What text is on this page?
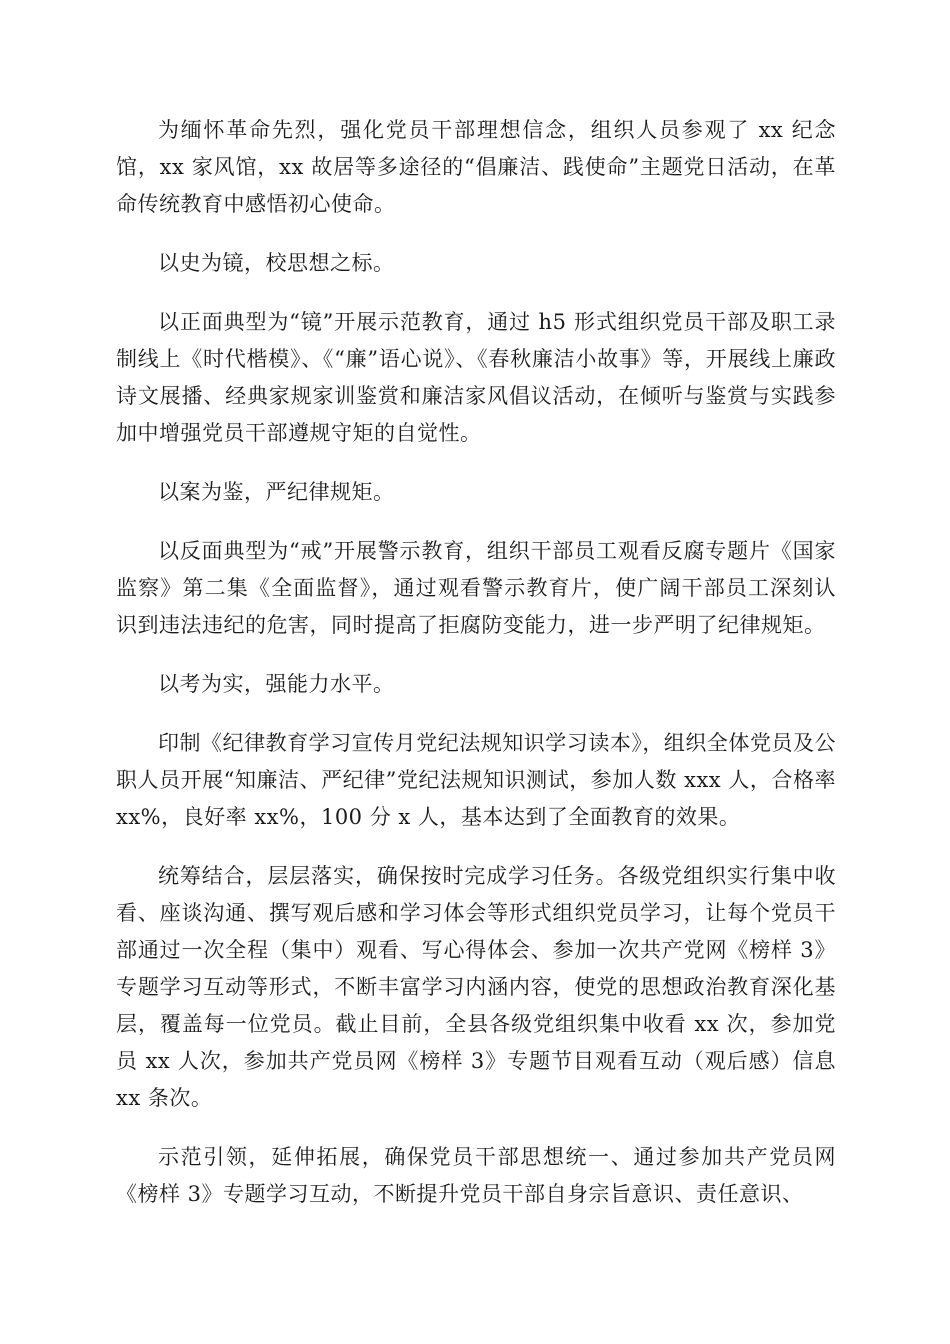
为缅怀革命先烈，强化党员干部理想信念，组织人员参观了 xx 纪念馆，xx 家风馆，xx 故居等多途径的“倡廉洁、践使命”主题党日活动，在革命传统教育中感悟初心使命。

以史为镜，校思想之标。

以正面典型为“镜”开展示范教育，通过 h5 形式组织党员干部及职工录制线上《时代楷模》、《“廉”语心说》、《春秋廉洁小故事》等，开展线上廉政诗文展播、经典家规家训鉴赏和廉洁家风倡议活动，在倾听与鉴赏与实践参加中增强党员干部遵规守矩的自觉性。

以案为鉴，严纪律规矩。

以反面典型为“戒”开展警示教育，组织干部员工观看反腐专题片《国家监察》第二集《全面监督》，通过观看警示教育片，使广阔干部员工深刻认识到违法违纪的危害，同时提高了拒腐防变能力，进一步严明了纪律规矩。

以考为实，强能力水平。

印制《纪律教育学习宣传月党纪法规知识学习读本》，组织全体党员及公职人员开展“知廉洁、严纪律”党纪法规知识测试，参加人数 xxx 人，合格率 xx%，良好率 xx%，100 分 x 人，基本达到了全面教育的效果。

统筹结合，层层落实，确保按时完成学习任务。各级党组织实行集中收看、座谈沟通、撰写观后感和学习体会等形式组织党员学习，让每个党员干部通过一次全程（集中）观看、写心得体会、参加一次共产党网《榜样 3》专题学习互动等形式，不断丰富学习内涵内容，使党的思想政治教育深化基层，覆盖每一位党员。截止目前，全县各级党组织集中收看 xx 次，参加党员 xx 人次，参加共产党员网《榜样 3》专题节目观看互动（观后感）信息 xx 条次。

示范引领，延伸拓展，确保党员干部思想统一、通过参加共产党员网《榜样 3》专题学习互动，不断提升党员干部自身宗旨意识、责任意识、
